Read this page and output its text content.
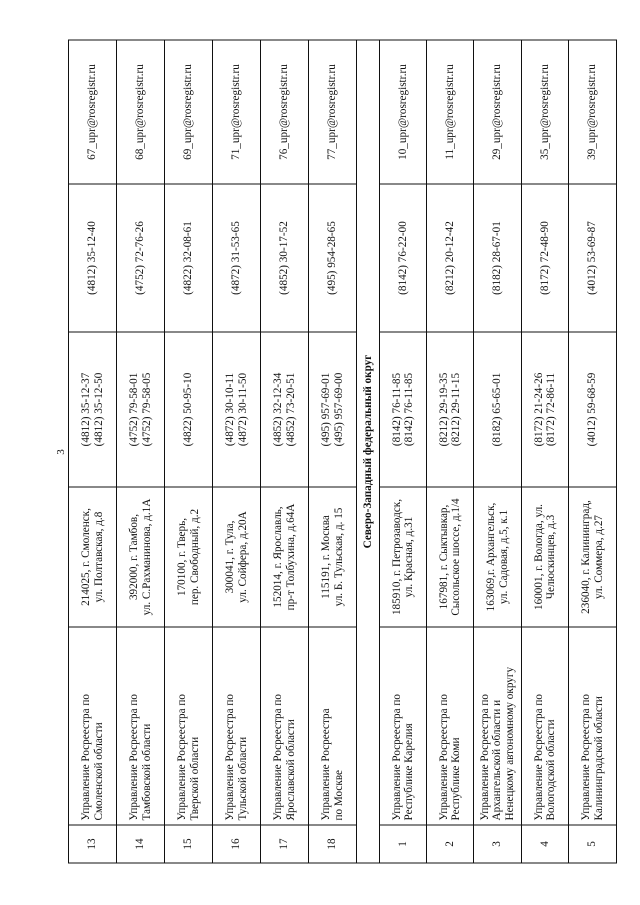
3
13	Управление Росреестра по Смоленской области	214025, г. Смоленск, ул. Полтавская, д.8	(4812) 35-12-37 (4812) 35-12-50	(4812) 35-12-40	67_upr@rosregistr.ru
14	Управление Росреестра по Тамбовской области	392000, г. Тамбов, ул. С.Рахманинова, д.1А	(4752) 79-58-01 (4752) 79-58-05	(4752) 72-76-26	68_upr@rosregistr.ru
15	Управление Росреестра по Тверской области	170100, г. Тверь, пер. Свободный, д.2	(4822) 50-95-10	(4822) 32-08-61	69_upr@rosregistr.ru
16	Управление Росреестра по Тульской области	300041, г. Тула, ул. Сойфера, д.20А	(4872) 30-10-11 (4872) 30-11-50	(4872) 31-53-65	71_upr@rosregistr.ru
17	Управление Росреестра по Ярославской области	152014, г. Ярославль, пр-т Толбухина, д.64А	(4852) 32-12-34 (4852) 73-20-51	(4852) 30-17-52	76_upr@rosregistr.ru
18	Управление Росреестра по Москве	115191, г. Москва ул. Б. Тульская, д. 15	(495) 957-69-01 (495) 957-69-00	(495) 954-28-65	77_upr@rosregistr.ru
Северо-Западный федеральный округ					
1	Управление Росреестра по Республике Карелия	185910, г. Петрозаводск, ул. Красная, д.31	(8142) 76-11-85 (8142) 76-11-85	(8142) 76-22-00	10_upr@rosregistr.ru
2	Управление Росреестра по Республике Коми	167981, г. Сыктывкар, Сысольское шоссе, д.1/4	(8212) 29-19-35 (8212) 29-11-15	(8212) 20-12-42	11_upr@rosregistr.ru
3	Управление Росреестра по Архангельской области и Ненецкому автономному округу	163069,г. Архангельск, ул. Садовая, д.5, к.1	(8182) 65-65-01	(8182) 28-67-01	29_upr@rosregistr.ru
4	Управление Росреестра по Вологодской области	160001, г. Вологда, ул. Челюскинцев, д.3	(8172) 21-24-26 (8172) 72-86-11	(8172) 72-48-90	35_upr@rosregistr.ru
5	Управление Росреестра по Калининградской области	236040, г. Калининград, ул. Соммера, д.27	(4012) 59-68-59	(4012) 53-69-87	39_upr@rosregistr.ru
